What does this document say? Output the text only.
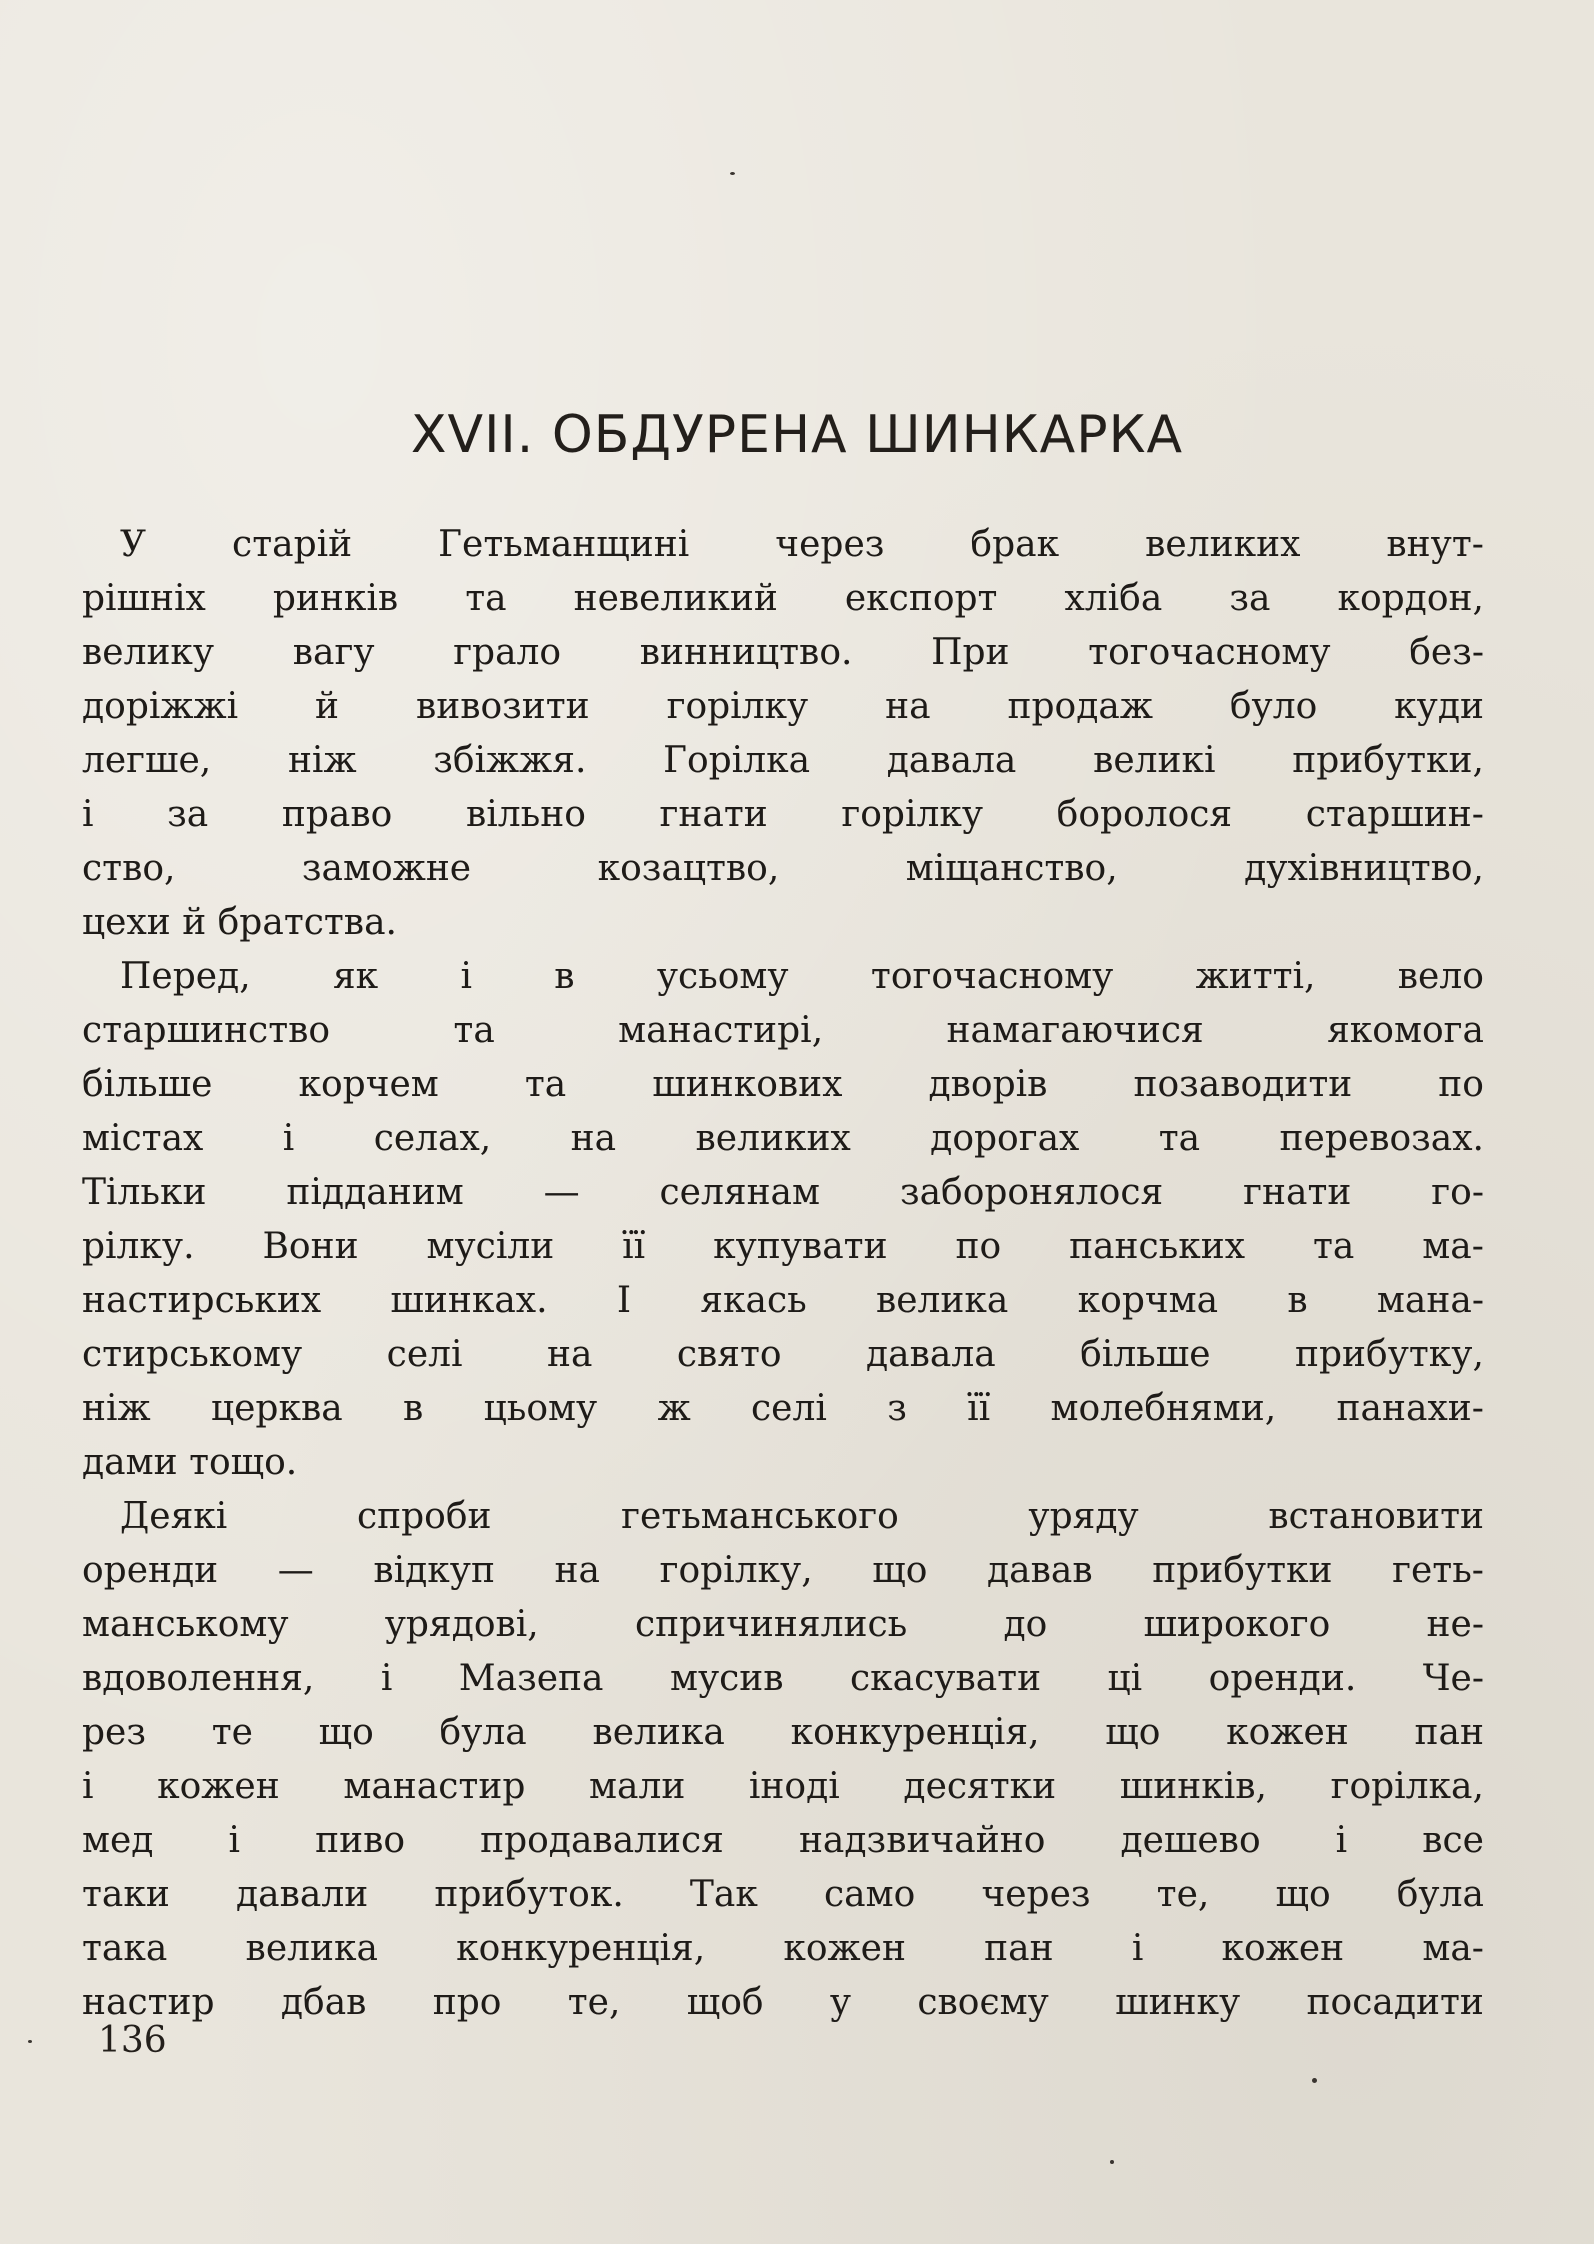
XVII. ОБДУРЕНА ШИНКАРКА
У старій Гетьманщині через брак великих внут-
рішніх ринків та невеликий експорт хліба за кордон,
велику вагу грало винництво. При тогочасному без-
доріжжі й вивозити горілку на продаж було куди
легше, ніж збіжжя. Горілка давала великі прибутки,
і за право вільно гнати горілку боролося старшин-
ство,	заможне	козацтво,	міщанство,	духівництво,
цехи й братства.
Перед, як і в усьому тогочасному житті, вело
старшинство	та	манастирі,	намагаючися	якомога
більше корчем та шинкових дворів позаводити по
містах і селах, на великих дорогах та перевозах.
Тільки підданим — селянам заборонялося гнати го-
рілку. Вони мусіли її купувати по панських та ма-
настирських шинках. І якась велика корчма в мана-
стирському селі на свято давала більше прибутку,
ніж церква в цьому ж селі з її молебнями, панахи-
дами тощо.
Деякі	спроби	гетьманського	уряду	встановити
оренди — відкуп на горілку, що давав прибутки геть-
манському	урядові,	спричинялись	до	широкого	не-
вдоволення, і Мазепа мусив скасувати ці оренди. Че-
рез те що була велика конкуренція, що кожен пан
і кожен манастир мали іноді десятки шинків, горілка,
мед і пиво продавалися надзвичайно дешево і все
таки давали прибуток. Так само через те, що була
така велика конкуренція, кожен пан і кожен ма-
настир дбав про те, щоб у своєму шинку посадити
136
